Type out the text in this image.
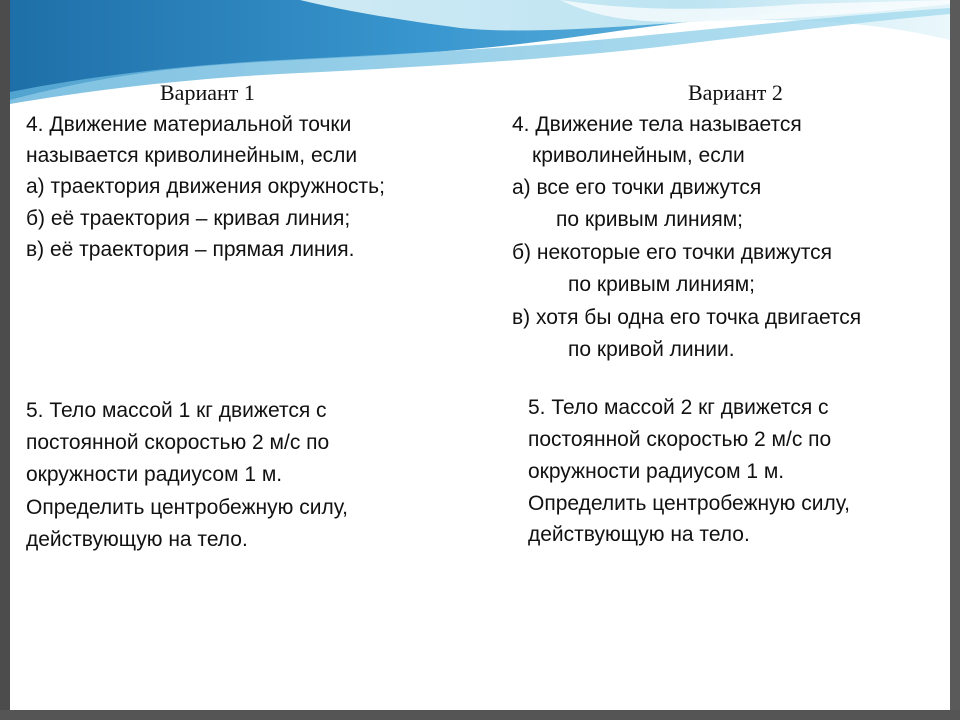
Вариант 1
4. Движение материальной точки
называется криволинейным, если
а) траектория движения окружность;
б) её траектория – кривая линия;
в) её траектория – прямая линия.
5. Тело массой 1 кг движется с
постоянной скоростью 2 м/с по
окружности радиусом 1 м.
Определить центробежную силу,
действующую на тело.
Вариант 2
4. Движение тела называется
криволинейным, если
а) все его точки движутся
по кривым линиям;
б) некоторые его точки движутся
по кривым линиям;
в) хотя бы одна его точка двигается
по кривой линии.
5. Тело массой 2 кг движется с
постоянной скоростью 2 м/с по
окружности радиусом 1 м.
Определить центробежную силу,
действующую на тело.
